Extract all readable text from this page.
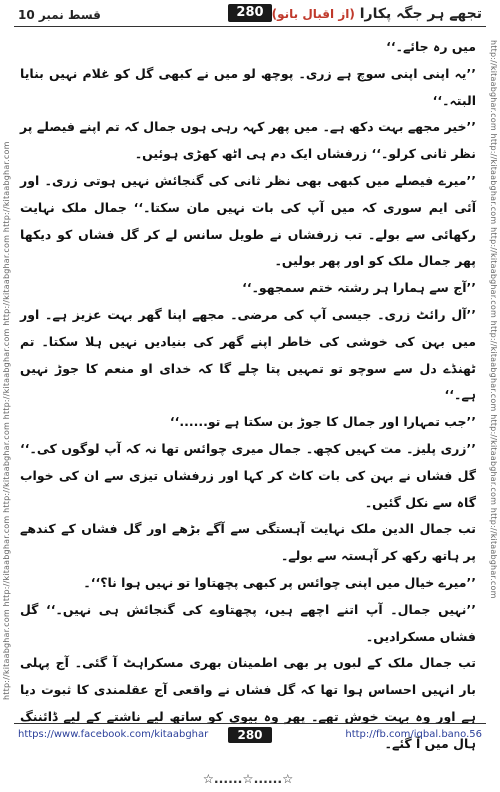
قسط نمبر 10	280	تجھے ہر جگہ پکارا (از اقبال بانو)
http://kitaabghar.com http://kitaabghar.com http://kitaabghar.com http://kitaabghar.com http://kitaabghar.com http://kitaabghar.com	http://kitaabghar.com http://kitaabghar.com http://kitaabghar.com http://kitaabghar.com http://kitaabghar.com http://kitaabghar.com

میں رہ جائے۔‘‘

’’یہ اپنی اپنی سوچ ہے زری۔ پوچھ لو میں نے کبھی گل کو غلام نہیں بنایا البتہ۔‘‘

’’خیر مجھے بہت دکھ ہے۔ میں پھر کہہ رہی ہوں جمال کہ تم اپنے فیصلے پر نظر ثانی کرلو۔‘‘ زرفشاں ایک دم ہی اٹھ کھڑی ہوئیں۔

’’میرے فیصلے میں کبھی بھی نظر ثانی کی گنجائش نہیں ہوتی زری۔ اور آئی ایم سوری کہ میں آپ کی بات نہیں مان سکتا۔‘‘ جمال ملک نہایت رکھائی سے بولے۔ تب زرفشاں نے طویل سانس لے کر گل فشاں کو دیکھا پھر جمال ملک کو اور پھر بولیں۔

’’آج سے ہمارا ہر رشتہ ختم سمجھو۔‘‘

’’آل رائٹ زری۔ جیسی آپ کی مرضی۔ مجھے اپنا گھر بہت عزیز ہے۔ اور میں بہن کی خوشی کی خاطر اپنے گھر کی بنیادیں نہیں ہلا سکتا۔ تم ٹھنڈے دل سے سوچو تو تمہیں پتا چلے گا کہ خدای او منعم کا جوڑ نہیں ہے۔‘‘

’’جب تمہارا اور جمال کا جوڑ بن سکتا ہے تو......‘‘

’’زری پلیز۔ مت کہیں کچھ۔ جمال میری چوائس تھا نہ کہ آپ لوگوں کی۔‘‘ گل فشاں نے بہن کی بات کاٹ کر کہا اور زرفشاں تیزی سے ان کی خواب گاہ سے نکل گئیں۔

تب جمال الدین ملک نہایت آہستگی سے آگے بڑھے اور گل فشاں کے کندھے پر ہاتھ رکھ کر آہستہ سے بولے۔

’’میرے خیال میں اپنی چوائس پر کبھی پچھتاوا تو نہیں ہوا نا؟‘‘۔

’’نہیں جمال۔ آپ اتنے اچھے ہیں، پچھتاوے کی گنجائش ہی نہیں۔‘‘ گل فشاں مسکرادیں۔

تب جمال ملک کے لبوں پر بھی اطمینان بھری مسکراہٹ آ گئی۔ آج پہلی بار انہیں احساس ہوا تھا کہ گل فشاں نے واقعی آج عقلمندی کا ثبوت دیا ہے اور وہ بہت خوش تھے۔ پھر وہ بیوی کو ساتھ لیے ناشتے کے لیے ڈائننگ ہال میں آ گئے۔

☆......☆......☆
https://www.facebook.com/kitaabghar	280	http://fb.com/iqbal.bano.56
